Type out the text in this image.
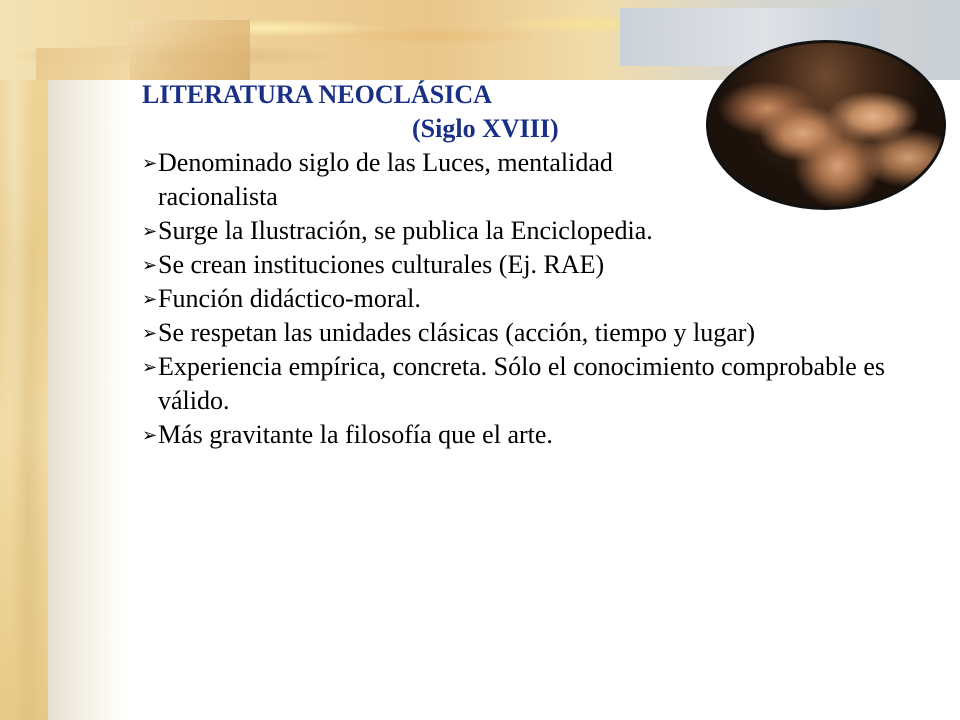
LITERATURA NEOCLÁSICA
(Siglo XVIII)
➢ Denominado siglo de las Luces, mentalidad racionalista
➢ Surge la Ilustración, se publica la Enciclopedia.
➢ Se crean instituciones culturales (Ej. RAE)
➢ Función didáctico-moral.
➢ Se respetan las unidades clásicas (acción, tiempo y lugar)
➢ Experiencia empírica, concreta. Sólo el conocimiento comprobable es válido.
➢ Más gravitante la filosofía que el arte.
